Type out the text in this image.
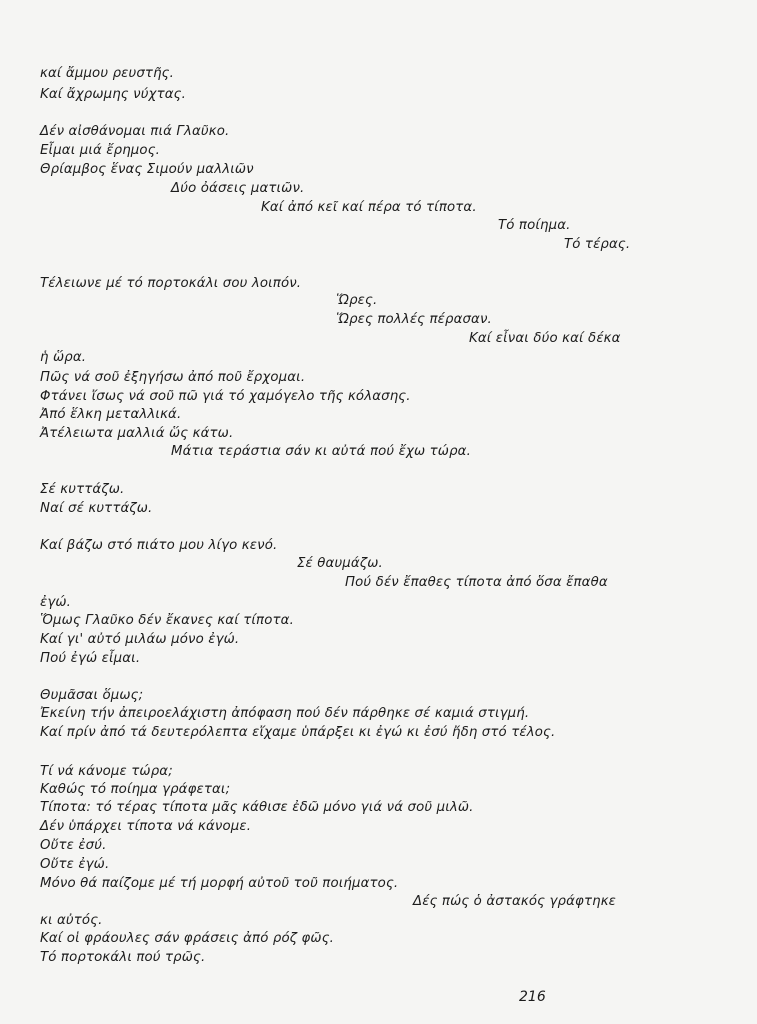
καί ἄμμου ρευστῆς.
Καί ἄχρωμης νύχτας.
Δέν αἰσθάνομαι πιά Γλαῦκο.
Εἶμαι μιά ἔρημος.
Θρίαμβος ἕνας Σιμούν μαλλιῶν
Δύο ὀάσεις ματιῶν.
Καί ἀπό κεῖ καί πέρα τό τίποτα.
Τό ποίημα.
Τό τέρας.
Τέλειωνε μέ τό πορτοκάλι σου λοιπόν.
Ὥρες.
Ὥρες πολλές πέρασαν.
Καί εἶναι δύο καί δέκα
ἡ ὥρα.
Πῶς νά σοῦ ἐξηγήσω ἀπό ποῦ ἔρχομαι.
Φτάνει ἴσως νά σοῦ πῶ γιά τό χαμόγελο τῆς κόλασης.
Ἀπό ἕλκη μεταλλικά.
Ἀτέλειωτα μαλλιά ὥς κάτω.
Μάτια τεράστια σάν κι αὐτά πού ἔχω τώρα.
Σέ κυττάζω.
Ναί σέ κυττάζω.
Καί βάζω στό πιάτο μου λίγο κενό.
Σέ θαυμάζω.
Πού δέν ἔπαθες τίποτα ἀπό ὅσα ἔπαθα
ἐγώ.
Ὅμως Γλαῦκο δέν ἔκανες καί τίποτα.
Καί γι' αὐτό μιλάω μόνο ἐγώ.
Πού ἐγώ εἶμαι.
Θυμᾶσαι ὅμως;
Ἐκείνη τήν ἀπειροελάχιστη ἀπόφαση πού δέν πάρθηκε σέ καμιά στιγμή.
Καί πρίν ἀπό τά δευτερόλεπτα εἴχαμε ὑπάρξει κι ἐγώ κι ἐσύ ἤδη στό τέλος.
Τί νά κάνομε τώρα;
Καθώς τό ποίημα γράφεται;
Τίποτα: τό τέρας τίποτα μᾶς κάθισε ἐδῶ μόνο γιά νά σοῦ μιλῶ.
Δέν ὑπάρχει τίποτα νά κάνομε.
Οὔτε ἐσύ.
Οὔτε ἐγώ.
Μόνο θά παίζομε μέ τή μορφή αὐτοῦ τοῦ ποιήματος.
Δές πώς ὁ ἀστακός γράφτηκε
κι αὐτός.
Καί οἱ φράουλες σάν φράσεις ἀπό ρόζ φῶς.
Τό πορτοκάλι πού τρῶς.
216
